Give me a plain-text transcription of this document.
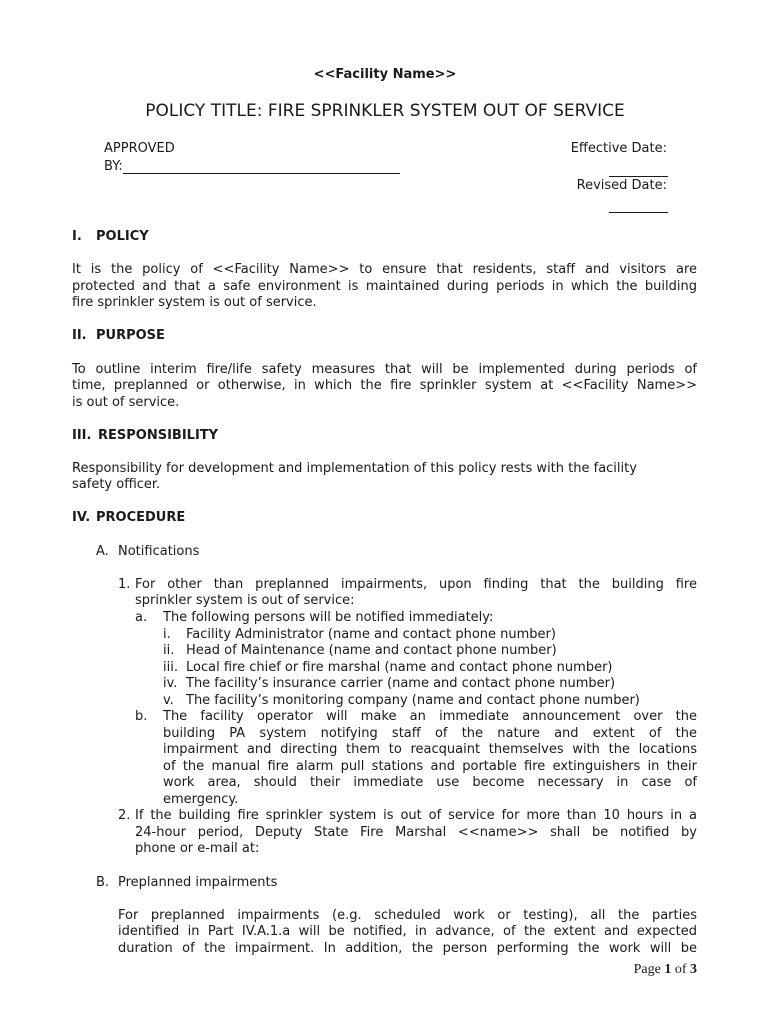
<<Facility Name>>
POLICY TITLE: FIRE SPRINKLER SYSTEM OUT OF SERVICE
APPROVED
BY:
Effective Date:
Revised Date:
I. POLICY
It is the policy of <<Facility Name>> to ensure that residents, staff and visitors are
protected and that a safe environment is maintained during periods in which the building
fire sprinkler system is out of service.
II. PURPOSE
To outline interim fire/life safety measures that will be implemented during periods of
time, preplanned or otherwise, in which the fire sprinkler system at <<Facility Name>>
is out of service.
III. RESPONSIBILITY
Responsibility for development and implementation of this policy rests with the facility
safety officer.
IV. PROCEDURE
A. Notifications
1. For other than preplanned impairments, upon finding that the building fire
sprinkler system is out of service:
a. The following persons will be notified immediately:
i. Facility Administrator (name and contact phone number)
ii. Head of Maintenance (name and contact phone number)
iii. Local fire chief or fire marshal (name and contact phone number)
iv. The facility’s insurance carrier (name and contact phone number)
v. The facility’s monitoring company (name and contact phone number)
b. The facility operator will make an immediate announcement over the
building PA system notifying staff of the nature and extent of the
impairment and directing them to reacquaint themselves with the locations
of the manual fire alarm pull stations and portable fire extinguishers in their
work area, should their immediate use become necessary in case of
emergency.
2. If the building fire sprinkler system is out of service for more than 10 hours in a
24-hour period, Deputy State Fire Marshal <<name>> shall be notified by
phone or e-mail at:
B. Preplanned impairments
For preplanned impairments (e.g. scheduled work or testing), all the parties
identified in Part IV.A.1.a will be notified, in advance, of the extent and expected
duration of the impairment. In addition, the person performing the work will be
Page 1 of 3
